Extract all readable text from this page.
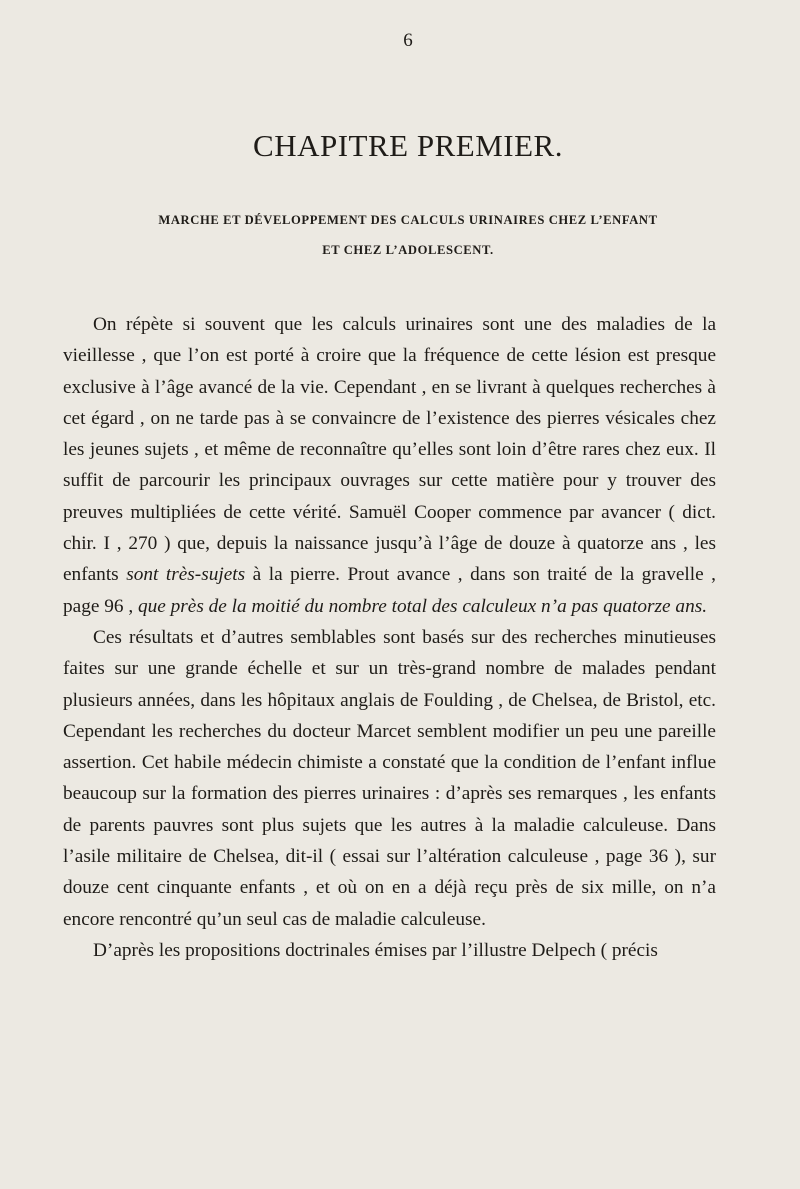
6
CHAPITRE PREMIER.
MARCHE ET DÉVELOPPEMENT DES CALCULS URINAIRES CHEZ L’ENFANT
ET CHEZ L’ADOLESCENT.

On répète si souvent que les calculs urinaires sont une des maladies de la vieillesse , que l’on est porté à croire que la fréquence de cette lésion est presque exclusive à l’âge avancé de la vie. Cependant , en se livrant à quelques recherches à cet égard , on ne tarde pas à se convaincre de l’existence des pierres vésicales chez les jeunes sujets , et même de reconnaître qu’elles sont loin d’être rares chez eux. Il suffit de parcourir les principaux ouvrages sur cette matière pour y trouver des preuves multipliées de cette vérité. Samuël Cooper commence par avancer ( dict. chir. I , 270 ) que, depuis la naissance jusqu’à l’âge de douze à quatorze ans , les enfants sont très-sujets à la pierre. Prout avance , dans son traité de la gravelle , page 96 , que près de la moitié du nombre total des calculeux n’a pas quatorze ans.

Ces résultats et d’autres semblables sont basés sur des recherches minutieuses faites sur une grande échelle et sur un très-grand nombre de malades pendant plusieurs années, dans les hôpitaux anglais de Foulding , de Chelsea, de Bristol, etc. Cependant les recherches du docteur Marcet semblent modifier un peu une pareille assertion. Cet habile médecin chimiste a constaté que la condition de l’enfant influe beaucoup sur la formation des pierres urinaires : d’après ses remarques , les enfants de parents pauvres sont plus sujets que les autres à la maladie calculeuse. Dans l’asile militaire de Chelsea, dit-il ( essai sur l’altération calculeuse , page 36 ), sur douze cent cinquante enfants , et où on en a déjà reçu près de six mille, on n’a encore rencontré qu’un seul cas de maladie calculeuse.

D’après les propositions doctrinales émises par l’illustre Delpech ( précis
